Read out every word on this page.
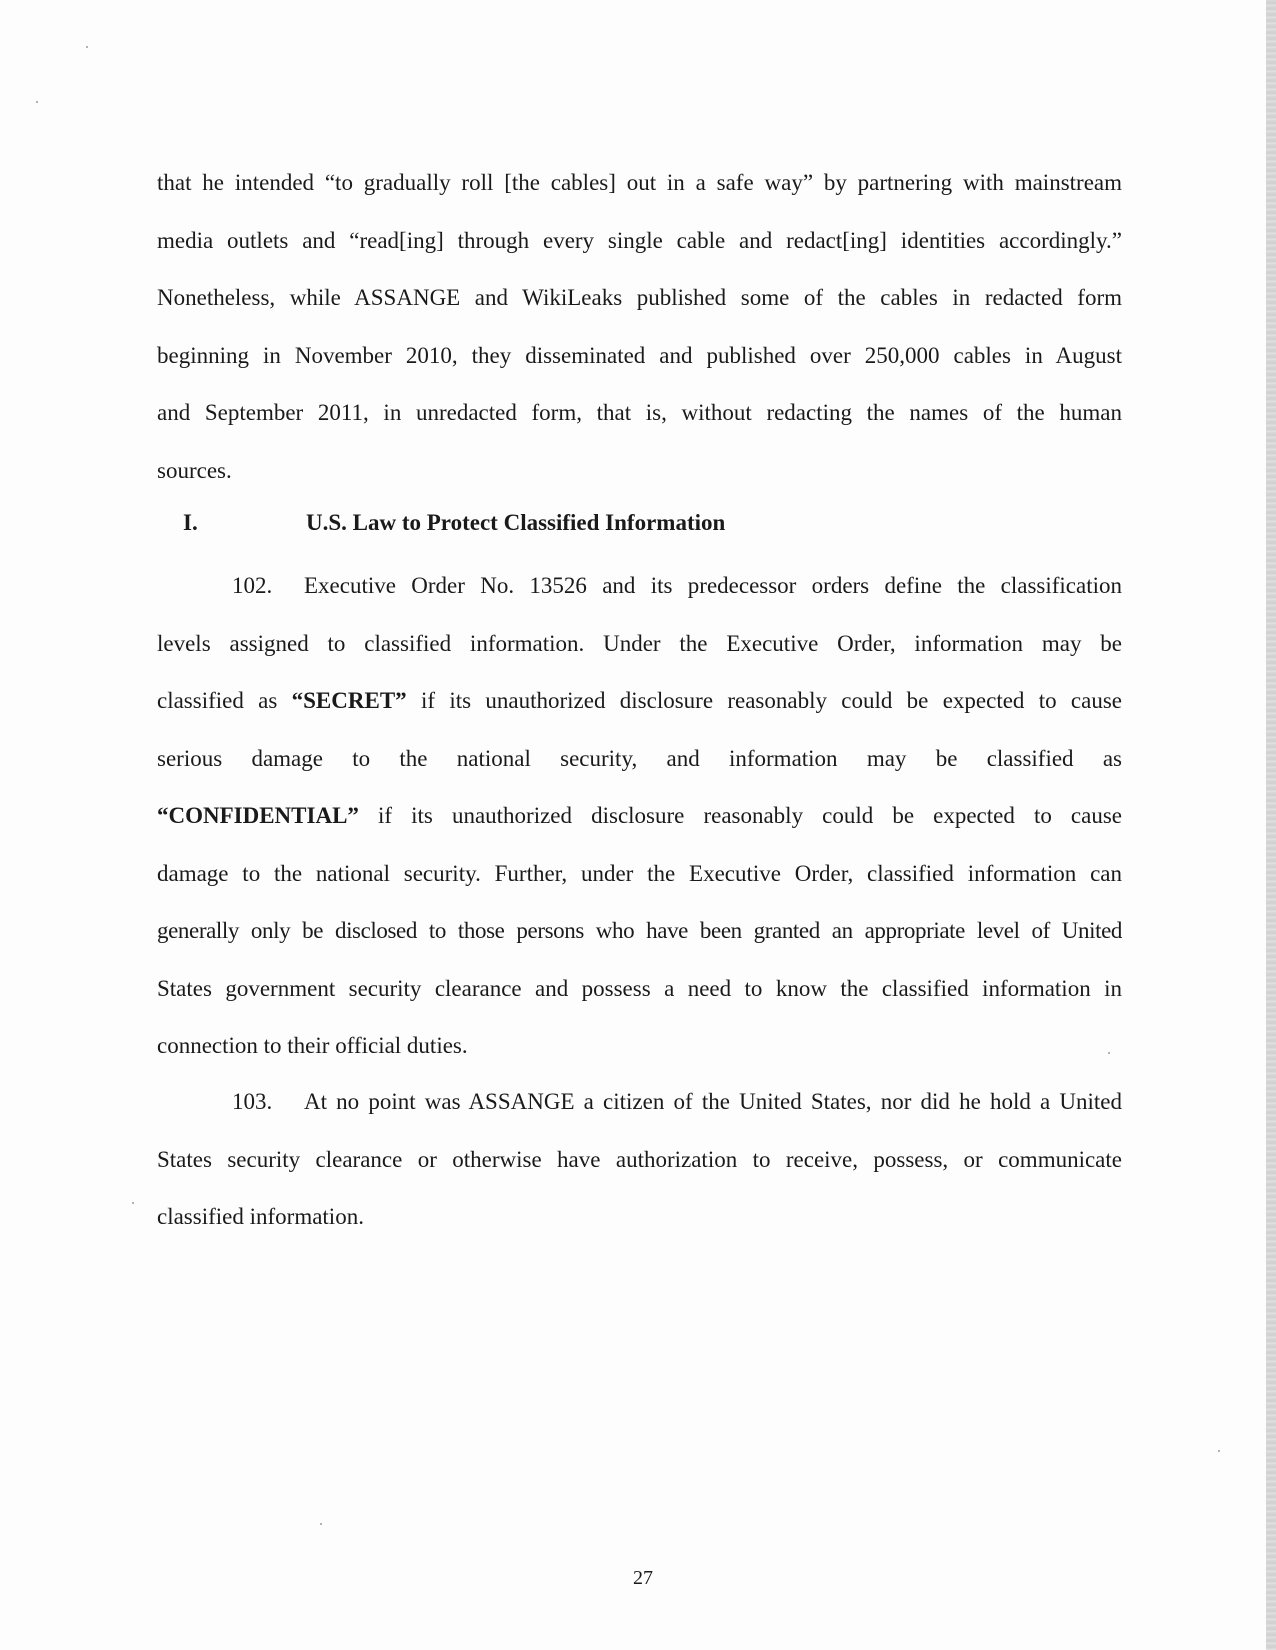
that he intended “to gradually roll [the cables] out in a safe way” by partnering with mainstream
media outlets and “read[ing] through every single cable and redact[ing] identities accordingly.”
Nonetheless, while ASSANGE and WikiLeaks published some of the cables in redacted form
beginning in November 2010, they disseminated and published over 250,000 cables in August
and September 2011, in unredacted form, that is, without redacting the names of the human
sources.
I.	U.S. Law to Protect Classified Information
102. Executive Order No. 13526 and its predecessor orders define the classification
levels assigned to classified information. Under the Executive Order, information may be
classified as “SECRET” if its unauthorized disclosure reasonably could be expected to cause
serious damage to the national security, and information may be classified as
“CONFIDENTIAL” if its unauthorized disclosure reasonably could be expected to cause
damage to the national security. Further, under the Executive Order, classified information can
generally only be disclosed to those persons who have been granted an appropriate level of United
States government security clearance and possess a need to know the classified information in
connection to their official duties.
103. At no point was ASSANGE a citizen of the United States, nor did he hold a United
States security clearance or otherwise have authorization to receive, possess, or communicate
classified information.

27
